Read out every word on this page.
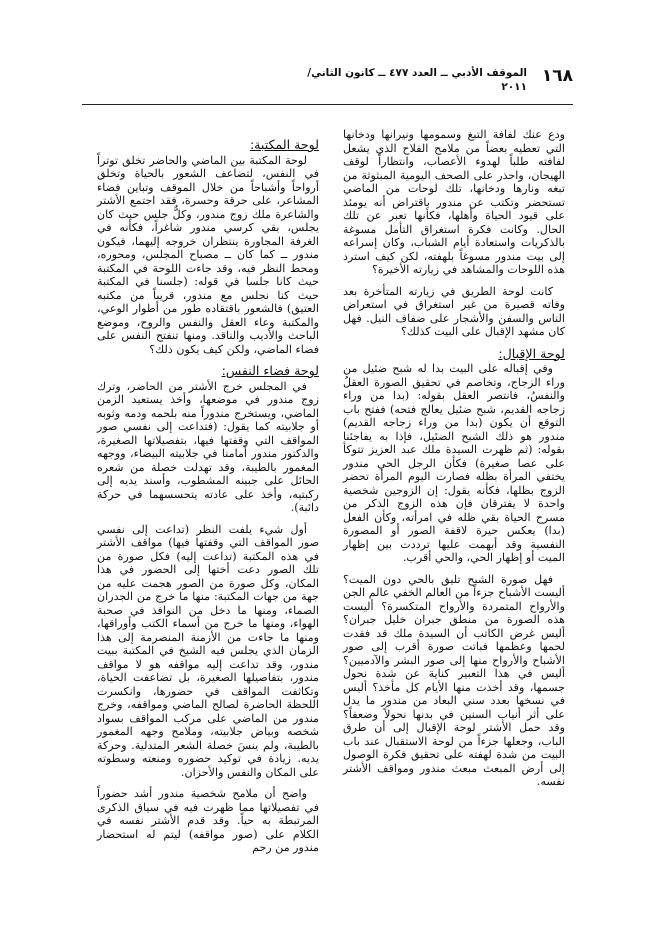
١٦٨
الموقف الأدبي ــ العدد ٤٧٧ ــ كانون الثاني/
٢٠١١

ودع عنك لفافة التبغ وسمومها ونيرانها ودخانها التي تعطيه بعضاً من ملامح الفلاح الذي يشعل لفافته طلباً لهدوء الأعصاب، وانتظاراً لوقف الهيجان، واحذر على الصحف اليومية المبثوثة من تبغه ونارها ودخانها، تلك لوحات من الماضي تستحضر وتكتب عن مندور باقتراض أنه يومئذ على قيود الحياة وأهلها، فكأنها تعبر عن تلك الحال. وكانت فكرة استغراق التأمل مسوغة بالذكريات واستعادة أيام الشباب، وكان إسراعه إلى بيت مندور مسوغاً بلهفته، لكن كيف استرد هذه اللوحات والمشاهد في زيارته الأخيرة؟

كانت لوحة الطريق في زيارته المتأخرة بعد وفاته قصيرة من غير استغراق في استعراض الناس والسفن والأشجار على ضفاف النيل. فهل كان مشهد الإقبال على البيت كذلك؟

لوحة الإقبال:

وفي إقباله على البيت بدا له شبح ضئيل من وراء الزجاج، وتخاصم في تحقيق الصورة العقلُ والنفسُ، فانتصر العقل بقوله: (بدا من وراء زجاجه القديم، شبح ضئيل يعالج فتحه) ففتح باب التوقع أن يكون (بدا من وراء زجاجه القديم) مندور هو ذلك الشبح الضئيل، فإذا به يفاجئنا بقوله: (ثم ظهرت السيدة ملك عبد العزيز تتوكأ على عصا صغيرة) فكأن الرجل الحي مندور يختفي المرأة بظله فصارت اليوم المرأة تحضر الزوج بظلها، فكأنه يقول: إن الزوجين شخصية واحدة لا يفترقان فإن هذه الزوج الذكر من مسرح الحياة بقي ظله في امرأته، وكأن الفعل (بدا) يعكس حيرة لاقفة الصور أو المصورة النفسية وقد أبهمت عليها ترددت بين إظهار الميت أو إظهار الحي، والحي أقرب.

فهل صورة الشبح تليق بالحي دون الميت؟ أليست الأشباح جزءاً من العالم الخفي عالم الجن والأرواح المتمردة والأرواح المتكسرة؟ أليست هذه الصورة من منطق جبران خليل جبران؟ أليس غرض الكاتب أن السيدة ملك قد فقدت لحمها وعظمها فباتت صورة أقرب إلى صور الأشباح والأرواح منها إلى صور البشر والآدميين؟ أليس في هذا التعبير كناية عن شدة نحول جسمها، وقد أخذت منها الأيام كل مأخذ؟ أليس في نسخها بعدد سني البعاد من مندور ما يدل على أثر أنياب السنين في بدنها نحولاً وضعفاً؟ وقد حمل الأشتر لوحة الإقبال إلى أن طرق الباب، وجعلها جزءاً من لوحة الاستقبال عند باب البيت من شدة لهفته على تحقيق فكرة الوصول إلى أرض المبعث مبعث مندور ومواقف الأشتر نفسه.

لوحة المكتبة:

لوحة المكتبة بين الماضي والحاضر تخلق توتراً في النفس، لتضاعف الشعور بالحياة وتخلق أرواحاً وأشباحاً من خلال الموقف وتباين فضاء المشاعر، على حرقة وحسرة، فقد اجتمع الأشتر والشاعرة ملك زوج مندور، وكلٌّ جلس حيث كان يجلس، بقي كرسي مندور شاغراً، فكأنه في الغرفة المجاورة ينتظران خروجه إليهما، فيكون مندور ــ كما كان ــ مصباح المجلس، ومحوره، ومحط النظر فيه، وقد جاءت اللوحة في المكتبة حيث كانا جلسا في قوله: (جلسنا في المكتبة حيث كنا نجلس مع مندور، قريباً من مكتبه العتيق) فالشعور باقتقاده طور من أطوار الوعي، والمكتبة وعاء العقل والنفس والروح، وموضع الباحث والأديب والناقد. ومنها تنفتح النفس على فضاء الماضي، ولكن كيف يكون ذلك؟

لوحة فضاء النفس:

في المجلس خرج الأشتر من الحاضر، وترك زوج مندور في موضعها، وأخذ يستعيد الزمن الماضي، ويستخرج مندوراً منه بلحمه ودمه وثوبه أو جلابيته كما يقول: (فتداعت إلى نفسي صور المواقف التي وقفتها فيها، بتفصيلاتها الصغيرة، والدكتور مندور أمامنا في جلابيته البيضاء، ووجهه المغمور بالطيبة، وقد تهدلت خصلة من شعره الحائل على جبينه المشطوب، وأسند يديه إلى ركبتيه، وأخذ على عادته يتحسسهما في حركة دائبة).

أول شيء يلفت النظر (تداعت إلى نفسي صور المواقف التي وقفتها فيها) مواقف الأشتر في هذه المكتبة (تداعت إليه) فكل صورة من تلك الصور دعت أختها إلى الحضور في هذا المكان، وكل صورة من الصور هجمت عليه من جهة من جهات المكتبة: منها ما خرج من الجدران الصماء، ومنها ما دخل من النوافذ في صحبة الهواء، ومنها ما خرج من أسماء الكتب وأوراقها، ومنها ما جاءت من الأزمنة المنصرمة إلى هذا الزمان الذي يجلس فيه الشيخ في المكتبة ببيت مندور، وقد تداعت إليه مواقفه هو لا مواقف مندور، بتفاصيلها الصغيرة، بل تضاعفت الحياة، وتكاثفت المواقف في حضورها، وانكسرت اللحظة الحاضرة لصالح الماضي ومواقفه، وخرج مندور من الماضي على مركب المواقف بسواد شخصه وبياض جلابيته، وملامح وجهه المغمور بالطيبة، ولم ينسَ خصلة الشعر المتدلية. وحركة يديه. زيادة في توكيد حضوره ومنعته وسطوته على المكان والنفس والأحزان.

واضح أن ملامح شخصية مندور أشد حضوراً في تفصيلاتها مما ظهرت فيه في سياق الذكرى المرتبطة به حياً. وقد قدم الأشتر نفسه في الكلام على (صور مواقفه) ليتم له استحضار مندور من رحم
